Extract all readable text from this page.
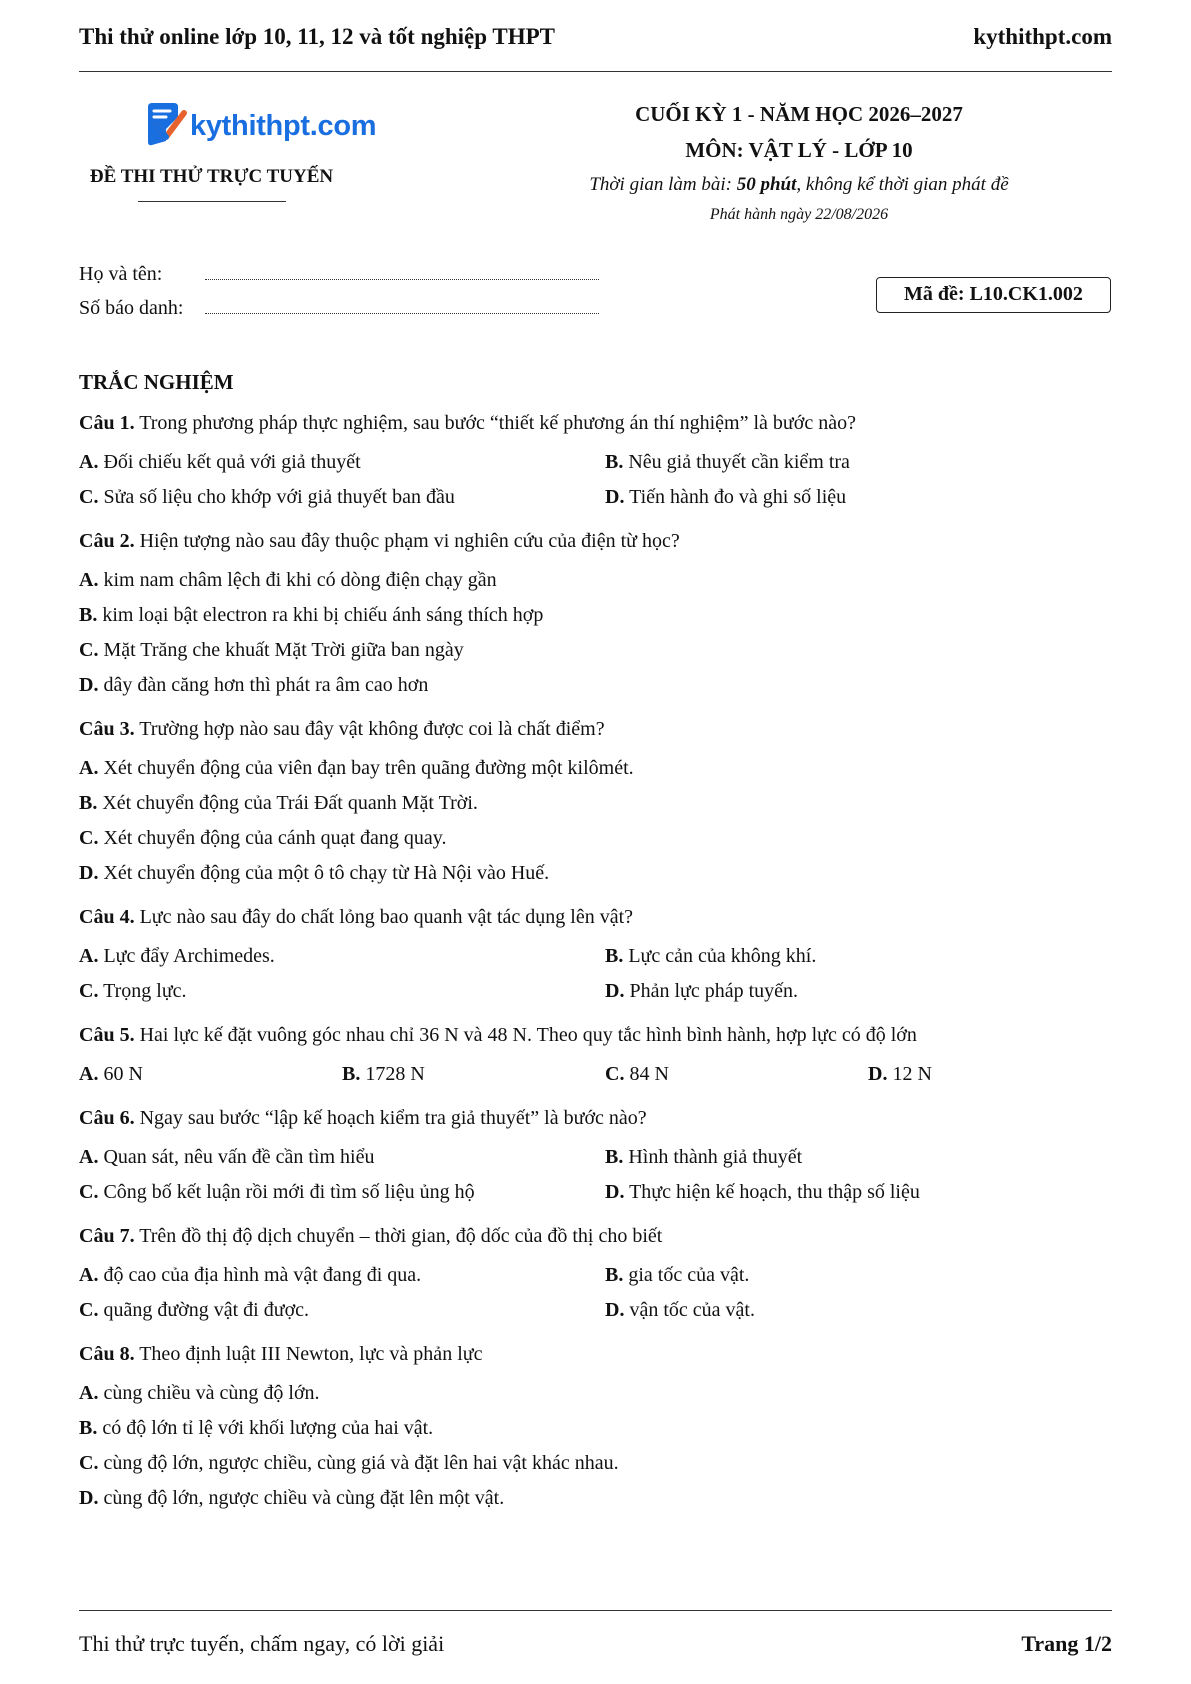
Thi thử online lớp 10, 11, 12 và tốt nghiệp THPT	kythithpt.com
kythithpt.com
ĐỀ THI THỬ TRỰC TUYẾN
CUỐI KỲ 1 - NĂM HỌC 2026–2027
MÔN: VẬT LÝ - LỚP 10
Thời gian làm bài: 50 phút, không kể thời gian phát đề
Phát hành ngày 22/08/2026
Họ và tên:
Số báo danh:
Mã đề: L10.CK1.002
TRẮC NGHIỆM
Câu 1. Trong phương pháp thực nghiệm, sau bước “thiết kế phương án thí nghiệm” là bước nào?
A. Đối chiếu kết quả với giả thuyết	B. Nêu giả thuyết cần kiểm tra
C. Sửa số liệu cho khớp với giả thuyết ban đầu	D. Tiến hành đo và ghi số liệu
Câu 2. Hiện tượng nào sau đây thuộc phạm vi nghiên cứu của điện từ học?
A. kim nam châm lệch đi khi có dòng điện chạy gần
B. kim loại bật electron ra khi bị chiếu ánh sáng thích hợp
C. Mặt Trăng che khuất Mặt Trời giữa ban ngày
D. dây đàn căng hơn thì phát ra âm cao hơn
Câu 3. Trường hợp nào sau đây vật không được coi là chất điểm?
A. Xét chuyển động của viên đạn bay trên quãng đường một kilômét.
B. Xét chuyển động của Trái Đất quanh Mặt Trời.
C. Xét chuyển động của cánh quạt đang quay.
D. Xét chuyển động của một ô tô chạy từ Hà Nội vào Huế.
Câu 4. Lực nào sau đây do chất lỏng bao quanh vật tác dụng lên vật?
A. Lực đẩy Archimedes.	B. Lực cản của không khí.
C. Trọng lực.	D. Phản lực pháp tuyến.
Câu 5. Hai lực kế đặt vuông góc nhau chỉ 36 N và 48 N. Theo quy tắc hình bình hành, hợp lực có độ lớn
A. 60 N	B. 1728 N	C. 84 N	D. 12 N
Câu 6. Ngay sau bước “lập kế hoạch kiểm tra giả thuyết” là bước nào?
A. Quan sát, nêu vấn đề cần tìm hiểu	B. Hình thành giả thuyết
C. Công bố kết luận rồi mới đi tìm số liệu ủng hộ	D. Thực hiện kế hoạch, thu thập số liệu
Câu 7. Trên đồ thị độ dịch chuyển – thời gian, độ dốc của đồ thị cho biết
A. độ cao của địa hình mà vật đang đi qua.	B. gia tốc của vật.
C. quãng đường vật đi được.	D. vận tốc của vật.
Câu 8. Theo định luật III Newton, lực và phản lực
A. cùng chiều và cùng độ lớn.
B. có độ lớn tỉ lệ với khối lượng của hai vật.
C. cùng độ lớn, ngược chiều, cùng giá và đặt lên hai vật khác nhau.
D. cùng độ lớn, ngược chiều và cùng đặt lên một vật.
Thi thử trực tuyến, chấm ngay, có lời giải	Trang 1/2
